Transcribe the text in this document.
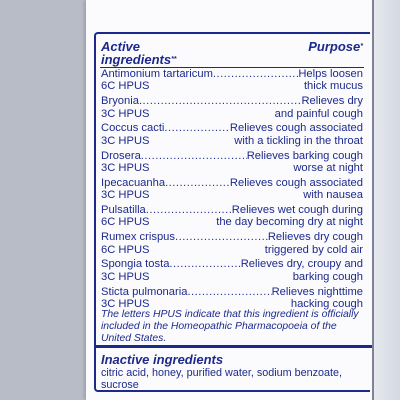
Active
ingredients**
Purpose*
Antimonium tartaricum .....	Helps loosen
6C HPUS	thick mucus
Bryonia .....	Relieves dry
3C HPUS	and painful cough
Coccus cacti .....	Relieves cough associated
3C HPUS	with a tickling in the throat
Drosera .....	Relieves barking cough
3C HPUS	worse at night
Ipecacuanha .....	Relieves cough associated
3C HPUS	with nausea
Pulsatilla .....	Relieves wet cough during
6C HPUS	the day becoming dry at night
Rumex crispus .....	Relieves dry cough
6C HPUS	triggered by cold air
Spongia tosta .....	Relieves dry, croupy and
3C HPUS	barking cough
Sticta pulmonaria .....	Relieves nighttime
3C HPUS	hacking cough
The letters HPUS indicate that this ingredient is officially included in the Homeopathic Pharmacopoeia of the United States.
Inactive ingredients
citric acid, honey, purified water, sodium benzoate, sucrose
